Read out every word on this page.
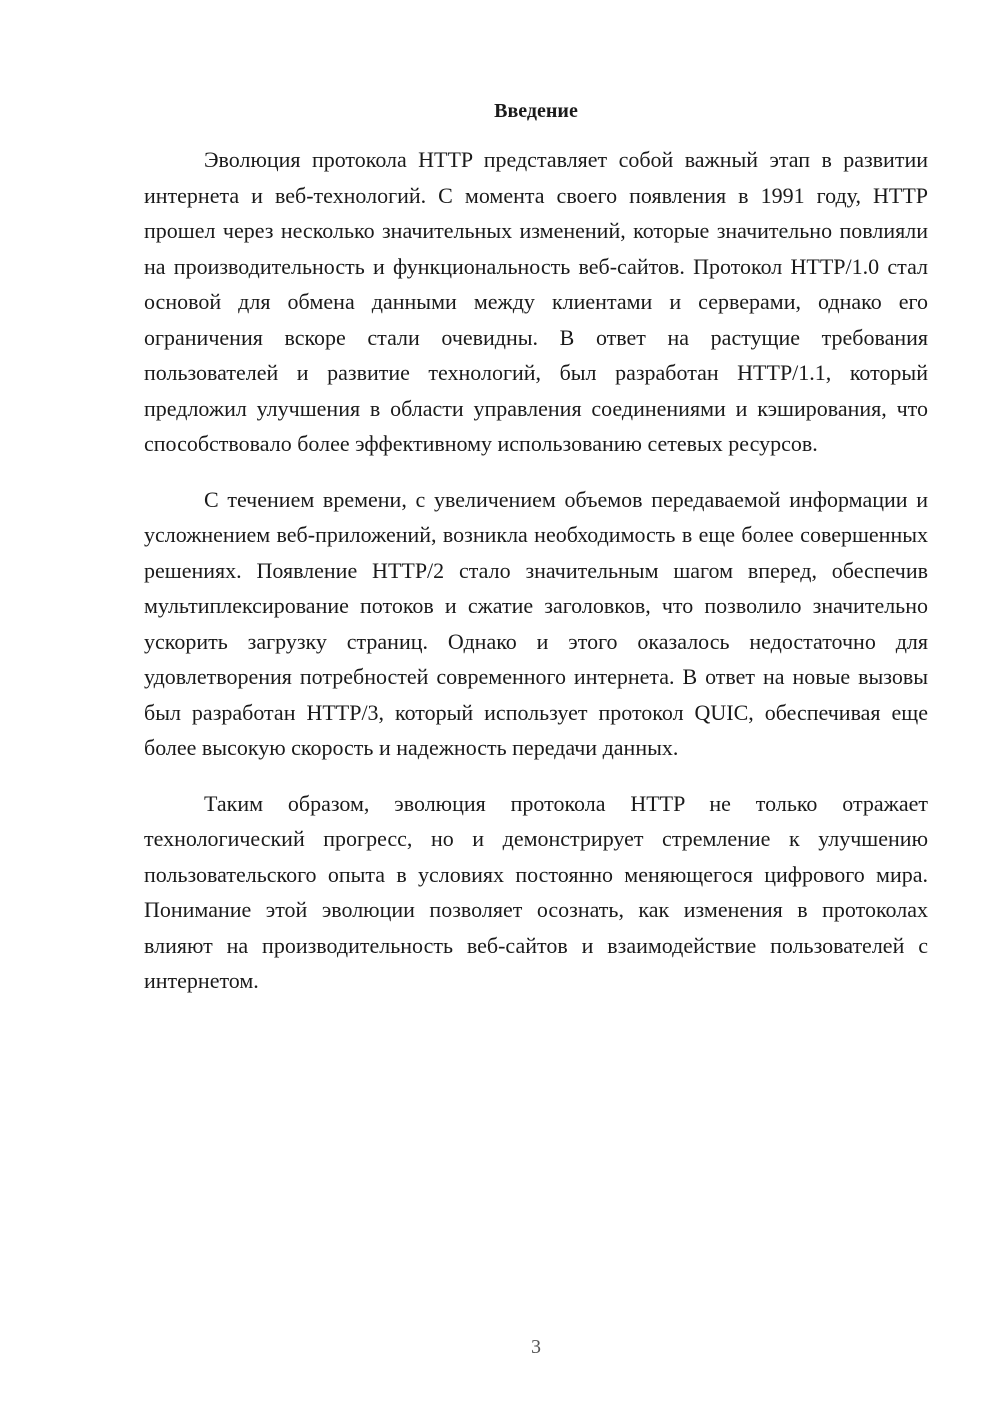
Введение

Эволюция протокола HTTP представляет собой важный этап в развитии интернета и веб-технологий. С момента своего появления в 1991 году, HTTP прошел через несколько значительных изменений, которые значительно повлияли на производительность и функциональность веб-сайтов. Протокол HTTP/1.0 стал основой для обмена данными между клиентами и серверами, однако его ограничения вскоре стали очевидны. В ответ на растущие требования пользователей и развитие технологий, был разработан HTTP/1.1, который предложил улучшения в области управления соединениями и кэширования, что способствовало более эффективному использованию сетевых ресурсов.

С течением времени, с увеличением объемов передаваемой информации и усложнением веб-приложений, возникла необходимость в еще более совершенных решениях. Появление HTTP/2 стало значительным шагом вперед, обеспечив мультиплексирование потоков и сжатие заголовков, что позволило значительно ускорить загрузку страниц. Однако и этого оказалось недостаточно для удовлетворения потребностей современного интернета. В ответ на новые вызовы был разработан HTTP/3, который использует протокол QUIC, обеспечивая еще более высокую скорость и надежность передачи данных.

Таким образом, эволюция протокола HTTP не только отражает технологический прогресс, но и демонстрирует стремление к улучшению пользовательского опыта в условиях постоянно меняющегося цифрового мира. Понимание этой эволюции позволяет осознать, как изменения в протоколах влияют на производительность веб-сайтов и взаимодействие пользователей с интернетом.

3
